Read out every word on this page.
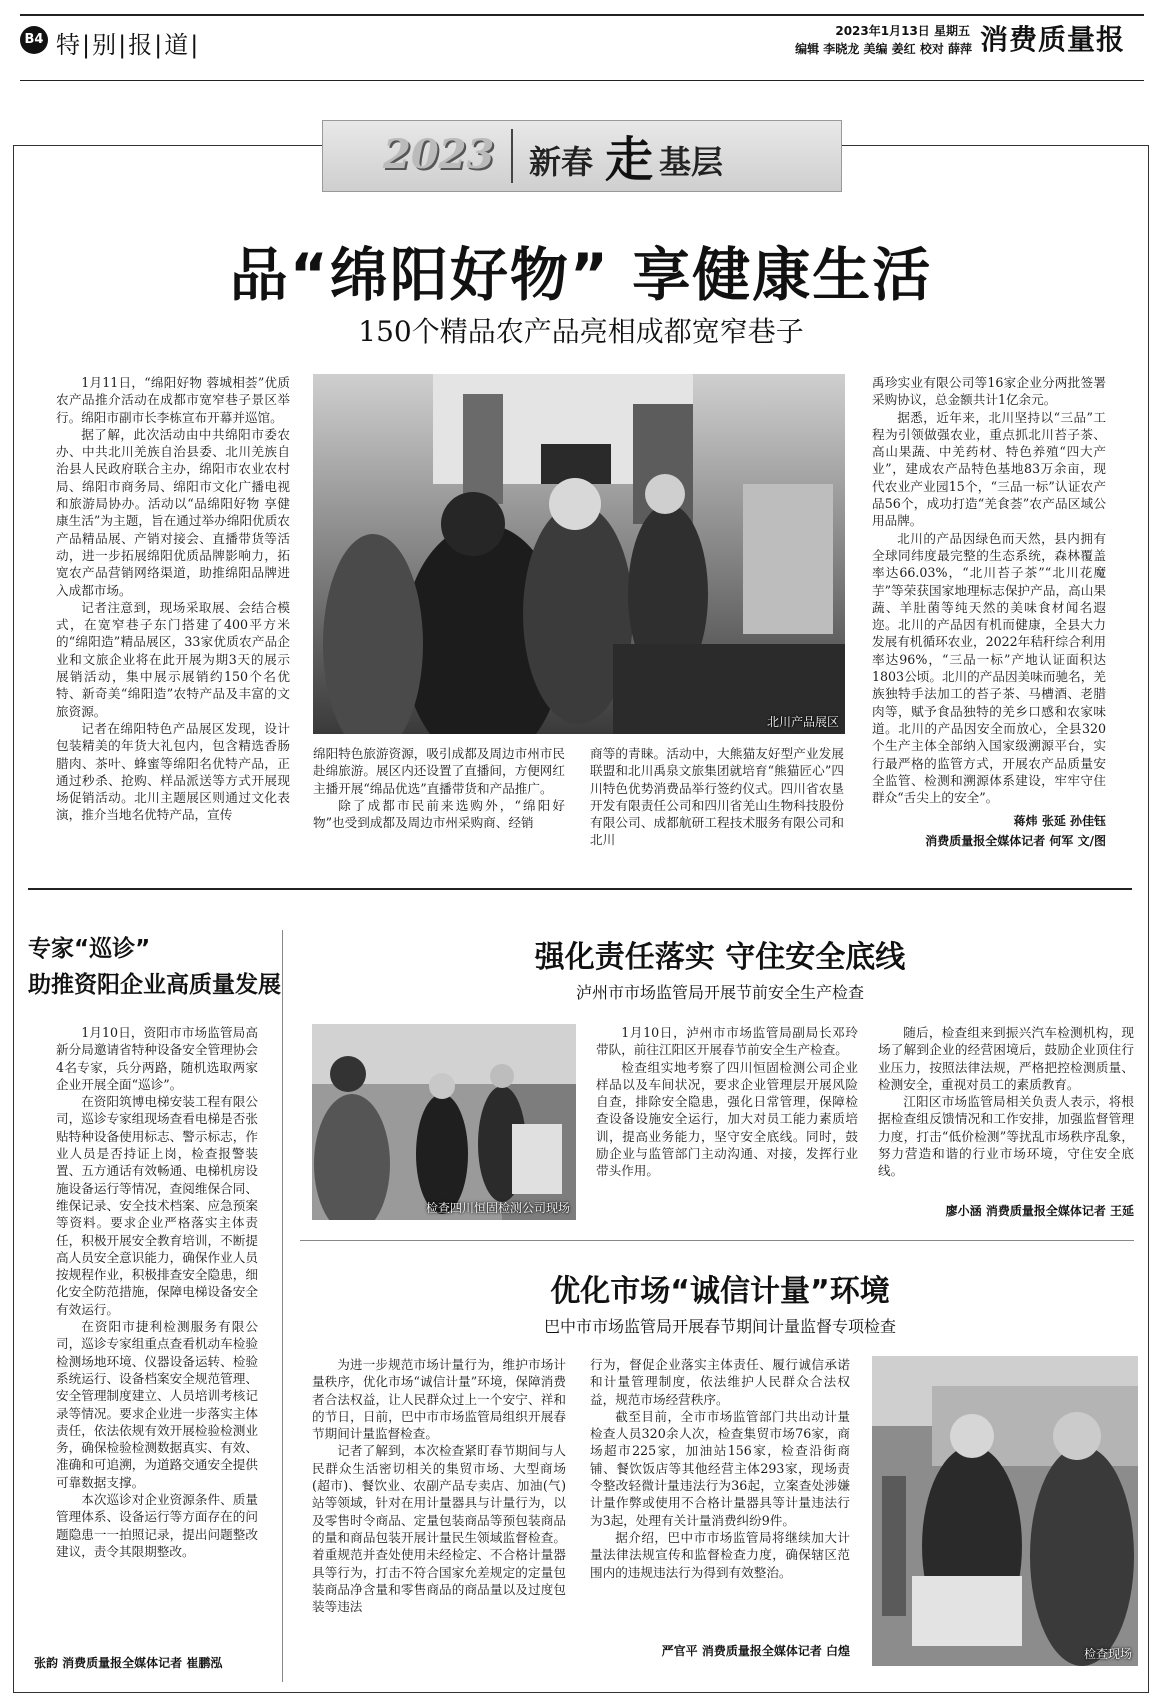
B4 特|别|报|道|	2023年1月13日 星期五
编辑 李晓龙 美编 姜红 校对 薛萍 消费质量报
2023 新春 走 基层
品“绵阳好物” 享健康生活
150个精品农产品亮相成都宽窄巷子

1月11日，“绵阳好物 蓉城相荟”优质农产品推介活动在成都市宽窄巷子景区举行。绵阳市副市长李栋宣布开幕并巡馆。

据了解，此次活动由中共绵阳市委农办、中共北川羌族自治县委、北川羌族自治县人民政府联合主办，绵阳市农业农村局、绵阳市商务局、绵阳市文化广播电视和旅游局协办。活动以“品绵阳好物 享健康生活”为主题，旨在通过举办绵阳优质农产品精品展、产销对接会、直播带货等活动，进一步拓展绵阳优质品牌影响力，拓宽农产品营销网络渠道，助推绵阳品牌进入成都市场。

记者注意到，现场采取展、会结合模式，在宽窄巷子东门搭建了400平方米的“绵阳造”精品展区，33家优质农产品企业和文旅企业将在此开展为期3天的展示展销活动，集中展示展销约150个名优特、新奇美“绵阳造”农特产品及丰富的文旅资源。

记者在绵阳特色产品展区发现，设计包装精美的年货大礼包内，包含精选香肠腊肉、茶叶、蜂蜜等绵阳名优特产品，正通过秒杀、抢购、样品派送等方式开展现场促销活动。北川主题展区则通过文化表演，推介当地名优特产品，宣传

北川产品展区

绵阳特色旅游资源，吸引成都及周边市州市民赴绵旅游。展区内还设置了直播间，方便网红主播开展“绵品优选”直播带货和产品推广。

除了成都市民前来选购外，“绵阳好物”也受到成都及周边市州采购商、经销

商等的青睐。活动中，大熊猫友好型产业发展联盟和北川禹泉文旅集团就培育“熊猫匠心”四川特色优势消费品举行签约仪式。四川省农垦开发有限责任公司和四川省羌山生物科技股份有限公司、成都航研工程技术服务有限公司和北川

禹珍实业有限公司等16家企业分两批签署采购协议，总金额共计1亿余元。

据悉，近年来，北川坚持以“三品”工程为引领做强农业，重点抓北川苔子茶、高山果蔬、中羌药材、特色养殖“四大产业”，建成农产品特色基地83万余亩，现代农业产业园15个，“三品一标”认证农产品56个，成功打造“羌食荟”农产品区域公用品牌。

北川的产品因绿色而天然，县内拥有全球同纬度最完整的生态系统，森林覆盖率达66.03%，“北川苔子茶”“北川花魔芋”等荣获国家地理标志保护产品，高山果蔬、羊肚菌等纯天然的美味食材闻名遐迩。北川的产品因有机而健康，全县大力发展有机循环农业，2022年秸秆综合利用率达96%，“三品一标”产地认证面积达1803公顷。北川的产品因美味而驰名，羌族独特手法加工的苔子茶、马槽酒、老腊肉等，赋予食品独特的羌乡口感和农家味道。北川的产品因安全而放心，全县320个生产主体全部纳入国家级溯源平台，实行最严格的监管方式，开展农产品质量安全监管、检测和溯源体系建设，牢牢守住群众“舌尖上的安全”。

蒋炜 张延 孙佳钰
消费质量报全媒体记者 何军 文/图
专家“巡诊”
助推资阳企业高质量发展

1月10日，资阳市市场监管局高新分局邀请省特种设备安全管理协会4名专家，兵分两路，随机选取两家企业开展全面“巡诊”。

在资阳筑博电梯安装工程有限公司，巡诊专家组现场查看电梯是否张贴特种设备使用标志、警示标志，作业人员是否持证上岗，检查报警装置、五方通话有效畅通、电梯机房设施设备运行等情况，查阅维保合同、维保记录、安全技术档案、应急预案等资料。要求企业严格落实主体责任，积极开展安全教育培训，不断提高人员安全意识能力，确保作业人员按规程作业，积极排查安全隐患，细化安全防范措施，保障电梯设备安全有效运行。

在资阳市捷利检测服务有限公司，巡诊专家组重点查看机动车检验检测场地环境、仪器设备运转、检验系统运行、设备档案安全规范管理、安全管理制度建立、人员培训考核记录等情况。要求企业进一步落实主体责任，依法依规有效开展检验检测业务，确保检验检测数据真实、有效、准确和可追溯，为道路交通安全提供可靠数据支撑。

本次巡诊对企业资源条件、质量管理体系、设备运行等方面存在的问题隐患一一拍照记录，提出问题整改建议，责令其限期整改。

张韵 消费质量报全媒体记者 崔鹏泓
强化责任落实 守住安全底线
泸州市市场监管局开展节前安全生产检查
检查四川恒固检测公司现场

1月10日，泸州市市场监管局副局长邓玲带队，前往江阳区开展春节前安全生产检查。

检查组实地考察了四川恒固检测公司企业样品以及车间状况，要求企业管理层开展风险自查，排除安全隐患，强化日常管理，保障检查设备设施安全运行，加大对员工能力素质培训，提高业务能力，坚守安全底线。同时，鼓励企业与监管部门主动沟通、对接，发挥行业带头作用。

随后，检查组来到振兴汽车检测机构，现场了解到企业的经营困境后，鼓励企业顶住行业压力，按照法律法规，严格把控检测质量、检测安全，重视对员工的素质教育。

江阳区市场监管局相关负责人表示，将根据检查组反馈情况和工作安排，加强监督管理力度，打击“低价检测”等扰乱市场秩序乱象，努力营造和谐的行业市场环境，守住安全底线。

廖小涵 消费质量报全媒体记者 王延
优化市场“诚信计量”环境
巴中市市场监管局开展春节期间计量监督专项检查

为进一步规范市场计量行为，维护市场计量秩序，优化市场“诚信计量”环境，保障消费者合法权益，让人民群众过上一个安宁、祥和的节日，日前，巴中市市场监管局组织开展春节期间计量监督检查。

记者了解到，本次检查紧盯春节期间与人民群众生活密切相关的集贸市场、大型商场(超市)、餐饮业、农副产品专卖店、加油(气)站等领域，针对在用计量器具与计量行为，以及零售时令商品、定量包装商品等预包装商品的量和商品包装开展计量民生领域监督检查。着重规范并查处使用未经检定、不合格计量器具等行为，打击不符合国家允差规定的定量包装商品净含量和零售商品的商品量以及过度包装等违法

行为，督促企业落实主体责任、履行诚信承诺和计量管理制度，依法维护人民群众合法权益，规范市场经营秩序。

截至目前，全市市场监管部门共出动计量检查人员320余人次，检查集贸市场76家，商场超市225家，加油站156家，检查沿街商铺、餐饮饭店等其他经营主体293家，现场责令整改轻微计量违法行为36起，立案查处涉嫌计量作弊或使用不合格计量器具等计量违法行为3起，处理有关计量消费纠纷9件。

据介绍，巴中市市场监管局将继续加大计量法律法规宣传和监督检查力度，确保辖区范围内的违规违法行为得到有效整治。

严官平 消费质量报全媒体记者 白煌	检查现场
